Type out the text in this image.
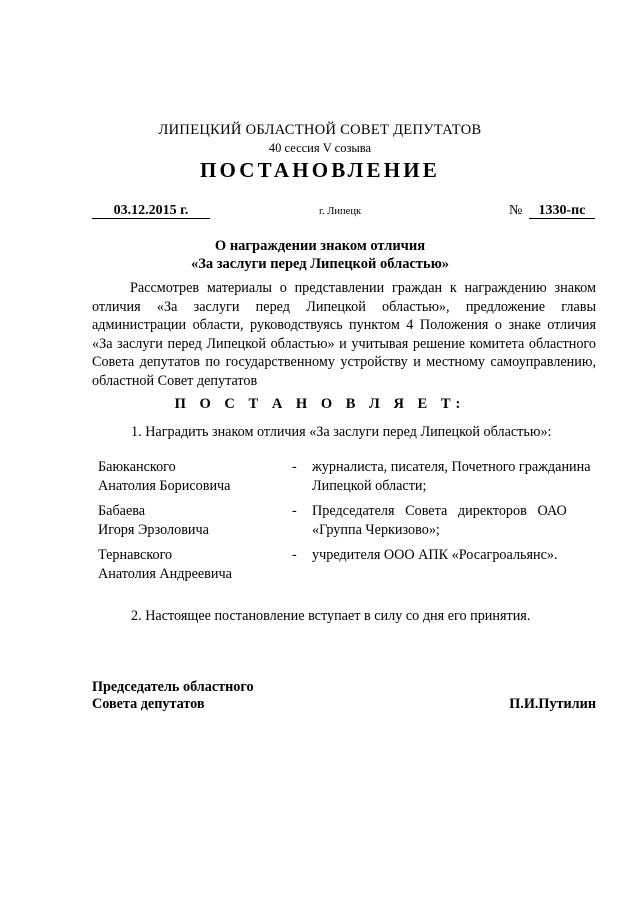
ЛИПЕЦКИЙ ОБЛАСТНОЙ СОВЕТ ДЕПУТАТОВ
40 сессия V созыва
ПОСТАНОВЛЕНИЕ
03.12.2015 г.	г. Липецк	№	1330-пс
О награждении знаком отличия
«За заслуги перед Липецкой областью»
Рассмотрев материалы о представлении граждан к награждению знаком отличия «За заслуги перед Липецкой областью», предложение главы администрации области, руководствуясь пунктом 4 Положения о знаке отличия «За заслуги перед Липецкой областью» и учитывая решение комитета областного Совета депутатов по государственному устройству и местному самоуправлению, областной Совет депутатов
П О С Т А Н О В Л Я Е Т:
1. Наградить знаком отличия «За заслуги перед Липецкой областью»:
Баюканского
Анатолия Борисовича
-	журналиста, писателя, Почетного гражданина
Липецкой области;
Бабаева
Игоря Эрзоловича
-	Председателя   Совета   директоров   ОАО
«Группа Черкизово»;
Тернавского
Анатолия Андреевича
-	учредителя ООО АПК «Росагроальянс».
2. Настоящее постановление вступает в силу со дня его принятия.
Председатель областного
Совета депутатов	П.И.Путилин
